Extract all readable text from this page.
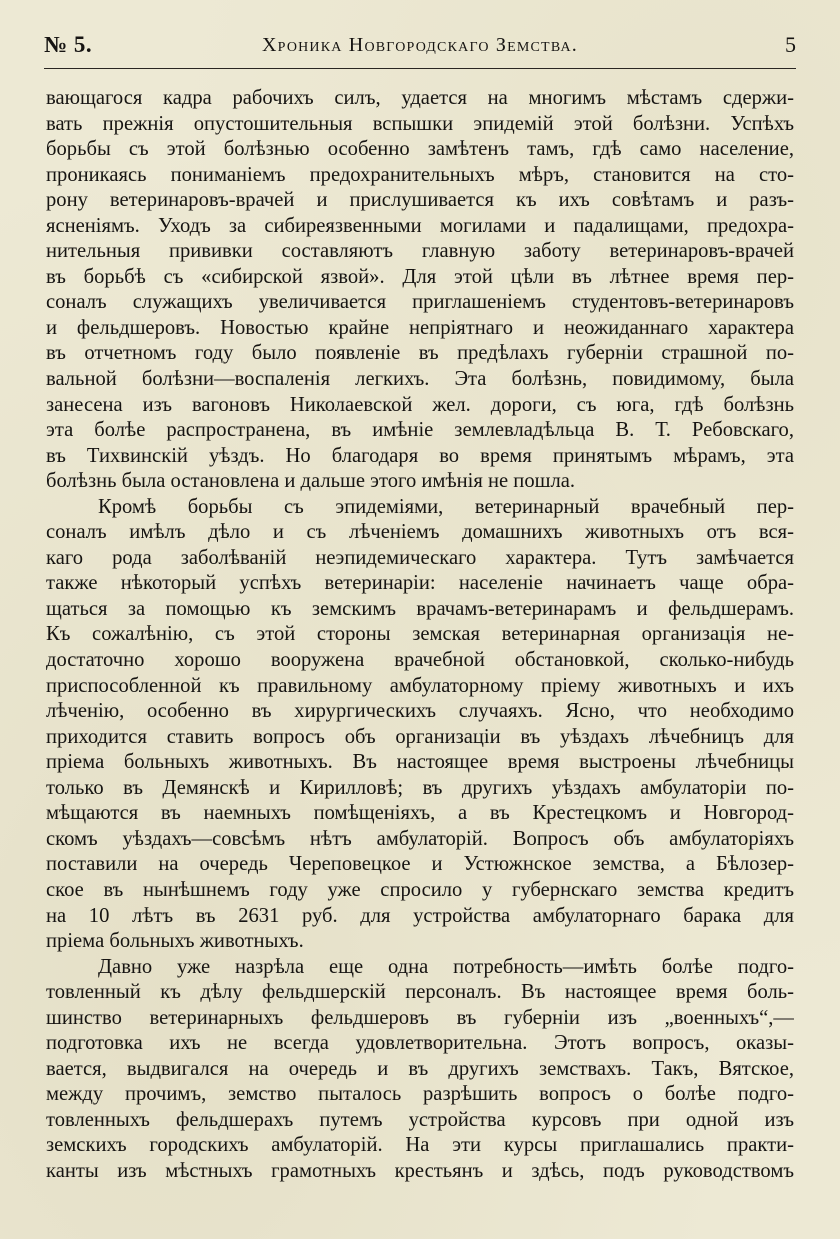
№ 5.	Хроника Новгородскаго Земства.	5
вающагося кадра рабочихъ силъ, удается на многимъ мѣстамъ сдержи-
вать прежнія опустошительныя вспышки эпидемій этой болѣзни. Успѣхъ
борьбы съ этой болѣзнью особенно замѣтенъ тамъ, гдѣ само население,
проникаясь пониманіемъ предохранительныхъ мѣръ, становится на сто-
рону ветеринаровъ-врачей и прислушивается къ ихъ совѣтамъ и разъ-
ясненіямъ. Уходъ за сибиреязвенными могилами и падалищами, предохра-
нительныя прививки составляютъ главную заботу ветеринаровъ-врачей
въ борьбѣ съ «сибирской язвой». Для этой цѣли въ лѣтнее время пер-
соналъ служащихъ увеличивается приглашеніемъ студентовъ-ветеринаровъ
и фельдшеровъ. Новостью крайне непріятнаго и неожиданнаго характера
въ отчетномъ году было появленіе въ предѣлахъ губерніи страшной по-
вальной болѣзни—воспаленія легкихъ. Эта болѣзнь, повидимому, была
занесена изъ вагоновъ Николаевской жел. дороги, съ юга, гдѣ болѣзнь
эта болѣе распространена, въ имѣніе землевладѣльца В. Т. Ребовскаго,
въ Тихвинскій уѣздъ. Но благодаря во время принятымъ мѣрамъ, эта
болѣзнь была остановлена и дальше этого имѣнія не пошла.
Кромѣ борьбы съ эпидеміями, ветеринарный врачебный пер-
соналъ имѣлъ дѣло и съ лѣченіемъ домашнихъ животныхъ отъ вся-
каго рода заболѣваній неэпидемическаго характера. Тутъ замѣчается
также нѣкоторый успѣхъ ветеринаріи: населеніе начинаетъ чаще обра-
щаться за помощью къ земскимъ врачамъ-ветеринарамъ и фельдшерамъ.
Къ сожалѣнію, съ этой стороны земская ветеринарная организація не-
достаточно хорошо вооружена врачебной обстановкой, сколько-нибудь
приспособленной къ правильному амбулаторному пріему животныхъ и ихъ
лѣченію, особенно въ хирургическихъ случаяхъ. Ясно, что необходимо
приходится ставить вопросъ объ организаціи въ уѣздахъ лѣчебницъ для
пріема больныхъ животныхъ. Въ настоящее время выстроены лѣчебницы
только въ Демянскѣ и Кирилловѣ; въ другихъ уѣздахъ амбулаторіи по-
мѣщаются въ наемныхъ помѣщеніяхъ, а въ Крестецкомъ и Новгород-
скомъ уѣздахъ—совсѣмъ нѣтъ амбулаторій. Вопросъ объ амбулаторіяхъ
поставили на очередь Череповецкое и Устюжнское земства, а Бѣлозер-
ское въ нынѣшнемъ году уже спросило у губернскаго земства кредитъ
на 10 лѣтъ въ 2631 руб. для устройства амбулаторнаго барака для
пріема больныхъ животныхъ.
Давно уже назрѣла еще одна потребность—имѣть болѣе подго-
товленный къ дѣлу фельдшерскій персоналъ. Въ настоящее время боль-
шинство ветеринарныхъ фельдшеровъ въ губерніи изъ „военныхъ“,—
подготовка ихъ не всегда удовлетворительна. Этотъ вопросъ, оказы-
вается, выдвигался на очередь и въ другихъ земствахъ. Такъ, Вятское,
между прочимъ, земство пыталось разрѣшить вопросъ о болѣе подго-
товленныхъ фельдшерахъ путемъ устройства курсовъ при одной изъ
земскихъ городскихъ амбулаторій. На эти курсы приглашались практи-
канты изъ мѣстныхъ грамотныхъ крестьянъ и здѣсь, подъ руководствомъ
